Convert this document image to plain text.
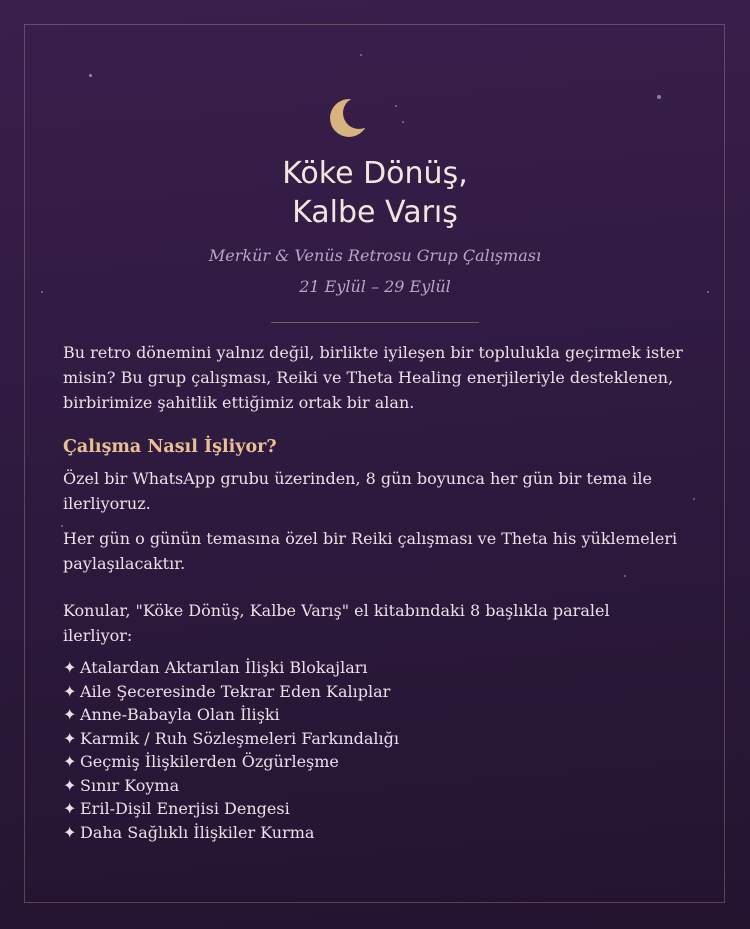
Köke Dönüş,
Kalbe Varış
Merkür & Venüs Retrosu Grup Çalışması
21 Eylül – 29 Eylül

Bu retro dönemini yalnız değil, birlikte iyileşen bir toplulukla geçirmek ister misin? Bu grup çalışması, Reiki ve Theta Healing enerjileriyle desteklenen, birbirimize şahitlik ettiğimiz ortak bir alan.

Çalışma Nasıl İşliyor?

Özel bir WhatsApp grubu üzerinden, 8 gün boyunca her gün bir tema ile ilerliyoruz.

Her gün o günün temasına özel bir Reiki çalışması ve Theta his yüklemeleri paylaşılacaktır.

Konular, "Köke Dönüş, Kalbe Varış" el kitabındaki 8 başlıkla paralel ilerliyor:

✦ Atalardan Aktarılan İlişki Blokajları
✦ Aile Şeceresinde Tekrar Eden Kalıplar
✦ Anne-Babayla Olan İlişki
✦ Karmik / Ruh Sözleşmeleri Farkındalığı
✦ Geçmiş İlişkilerden Özgürleşme
✦ Sınır Koyma
✦ Eril-Dişil Enerjisi Dengesi
✦ Daha Sağlıklı İlişkiler Kurma
